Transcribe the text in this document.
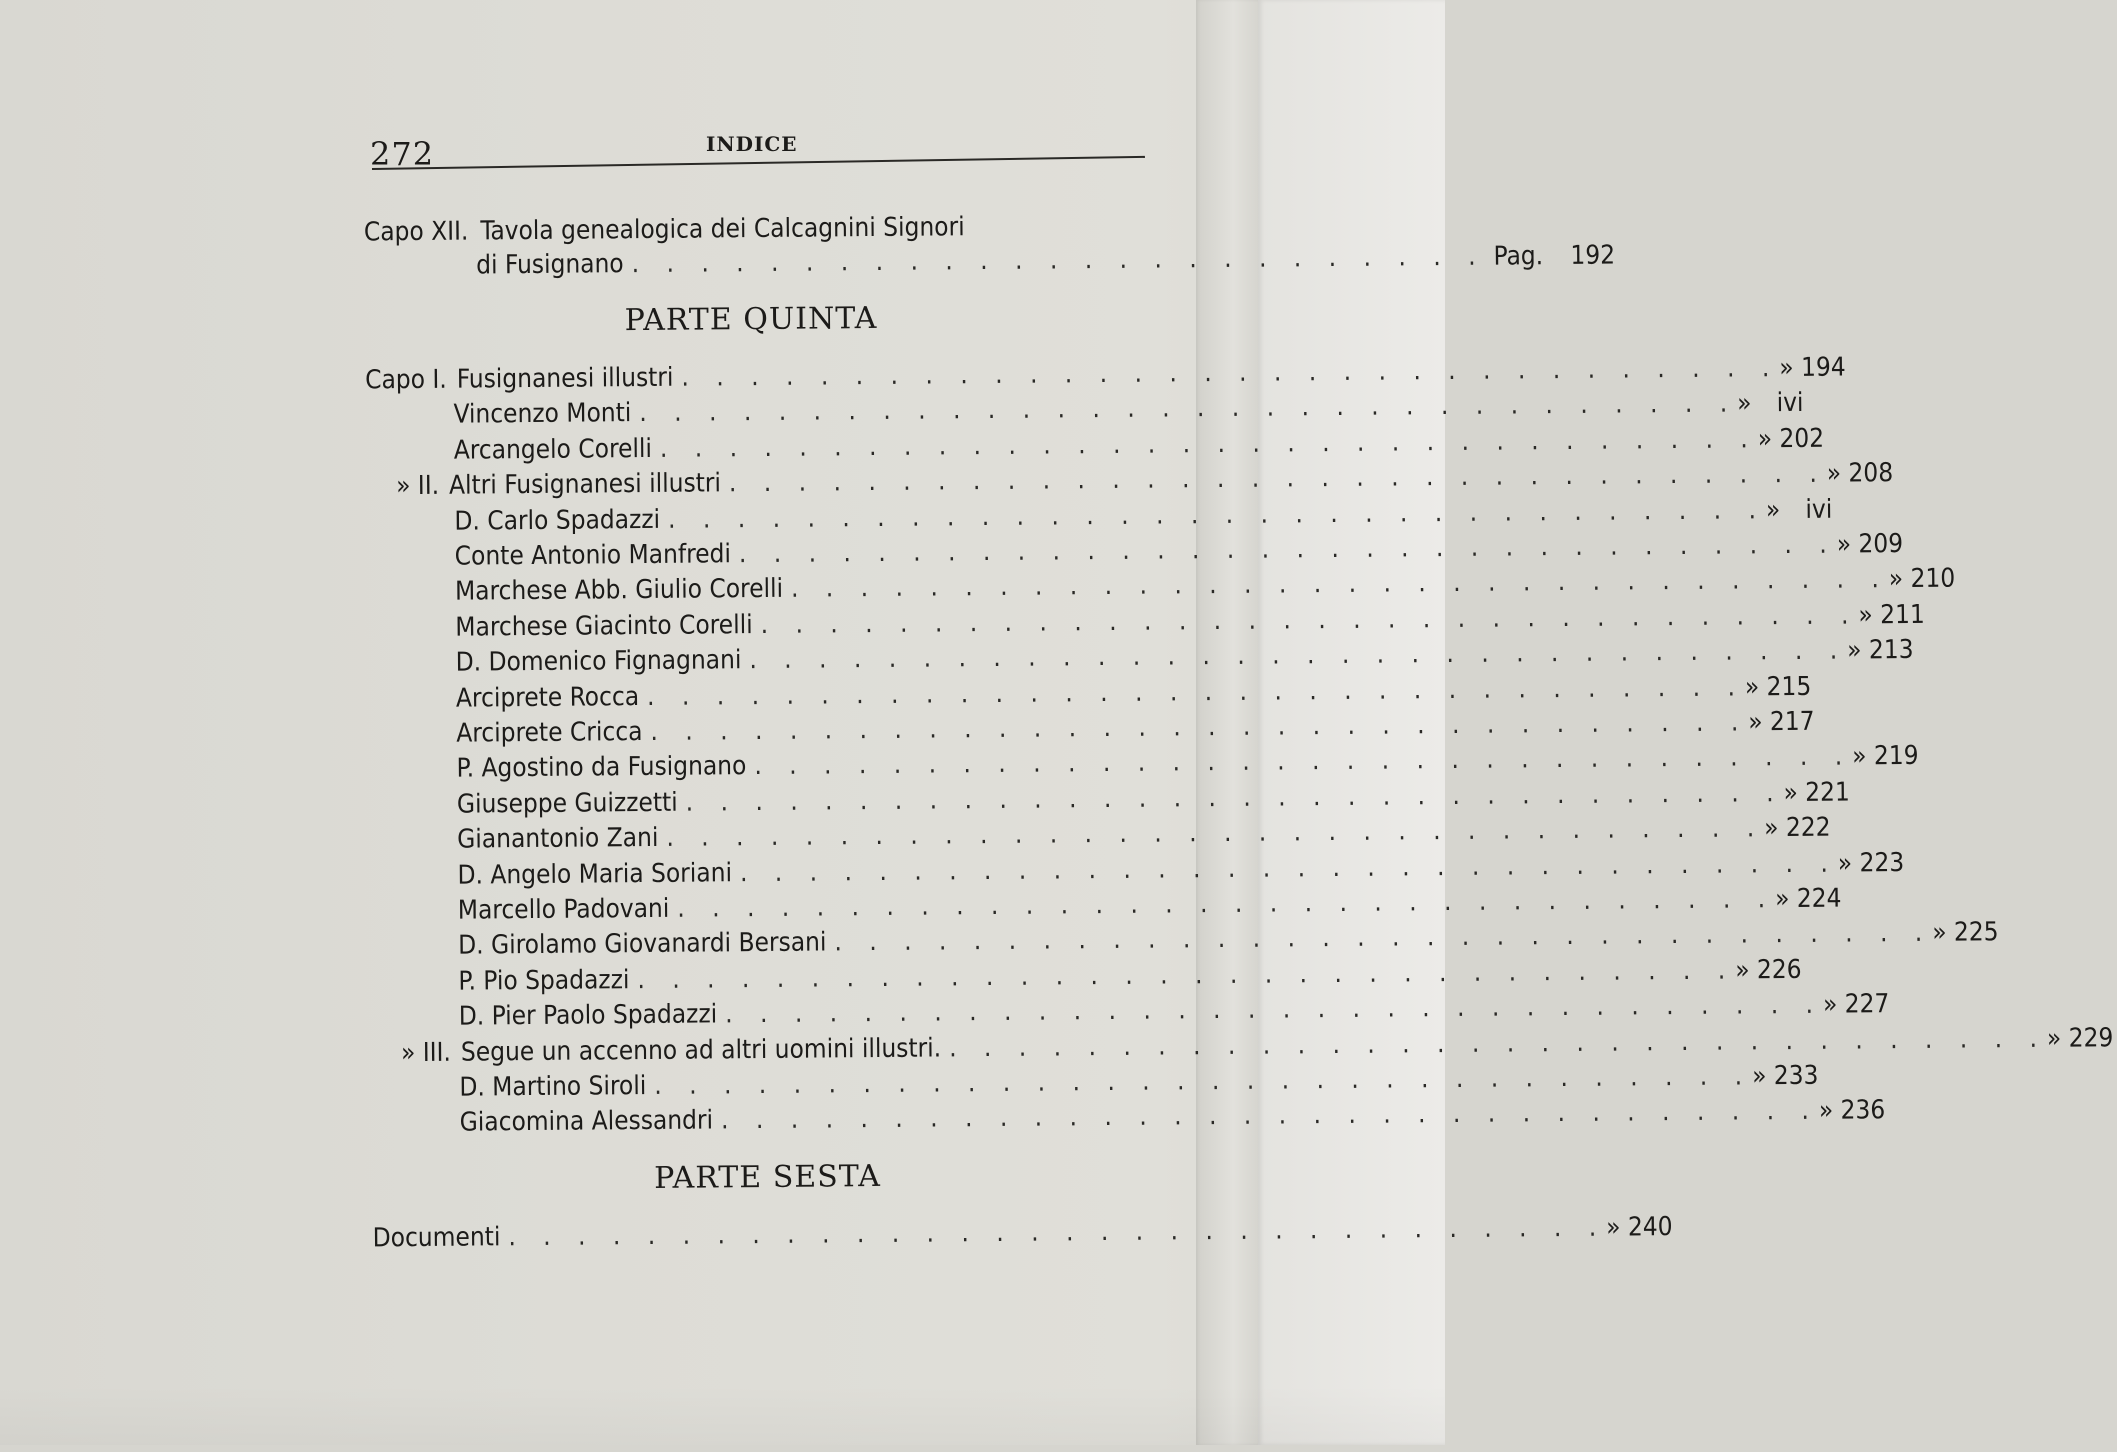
272	INDICE
Capo XII. Tavola genealogica dei Calcagnini Signori
di Fusignano . . . . . . . . . . . . . . . . . . . . . . . . . Pag.	192
PARTE QUINTA
Capo I. Fusignanesi illustri . . . . . . . . . . . . . . . . . . . . . . . . . . . . . . . . » 194
Vincenzo Monti . . . . . . . . . . . . . . . . . . . . . . . . . . . . . . . . » ivi
Arcangelo Corelli . . . . . . . . . . . . . . . . . . . . . . . . . . . . . . . . » 202
» II. Altri Fusignanesi illustri . . . . . . . . . . . . . . . . . . . . . . . . . . . . . . . . » 208
D. Carlo Spadazzi . . . . . . . . . . . . . . . . . . . . . . . . . . . . . . . . » ivi
Conte Antonio Manfredi . . . . . . . . . . . . . . . . . . . . . . . . . . . . . . . . » 209
Marchese Abb. Giulio Corelli . . . . . . . . . . . . . . . . . . . . . . . . . . . . . . . . » 210
Marchese Giacinto Corelli . . . . . . . . . . . . . . . . . . . . . . . . . . . . . . . . » 211
D. Domenico Fignagnani . . . . . . . . . . . . . . . . . . . . . . . . . . . . . . . . » 213
Arciprete Rocca . . . . . . . . . . . . . . . . . . . . . . . . . . . . . . . . » 215
Arciprete Cricca . . . . . . . . . . . . . . . . . . . . . . . . . . . . . . . . » 217
P. Agostino da Fusignano . . . . . . . . . . . . . . . . . . . . . . . . . . . . . . . . » 219
Giuseppe Guizzetti . . . . . . . . . . . . . . . . . . . . . . . . . . . . . . . . » 221
Gianantonio Zani . . . . . . . . . . . . . . . . . . . . . . . . . . . . . . . . » 222
D. Angelo Maria Soriani . . . . . . . . . . . . . . . . . . . . . . . . . . . . . . . . » 223
Marcello Padovani . . . . . . . . . . . . . . . . . . . . . . . . . . . . . . . . » 224
D. Girolamo Giovanardi Bersani . . . . . . . . . . . . . . . . . . . . . . . . . . . . . . . . » 225
P. Pio Spadazzi . . . . . . . . . . . . . . . . . . . . . . . . . . . . . . . . » 226
D. Pier Paolo Spadazzi . . . . . . . . . . . . . . . . . . . . . . . . . . . . . . . . » 227
» III. Segue un accenno ad altri uomini illustri. . . . . . . . . . . . . . . . . . . . . . . . . . . . . . . . . » 229
D. Martino Siroli . . . . . . . . . . . . . . . . . . . . . . . . . . . . . . . . » 233
Giacomina Alessandri . . . . . . . . . . . . . . . . . . . . . . . . . . . . . . . . » 236
PARTE SESTA
Documenti . . . . . . . . . . . . . . . . . . . . . . . . . . . . . . . . » 240
